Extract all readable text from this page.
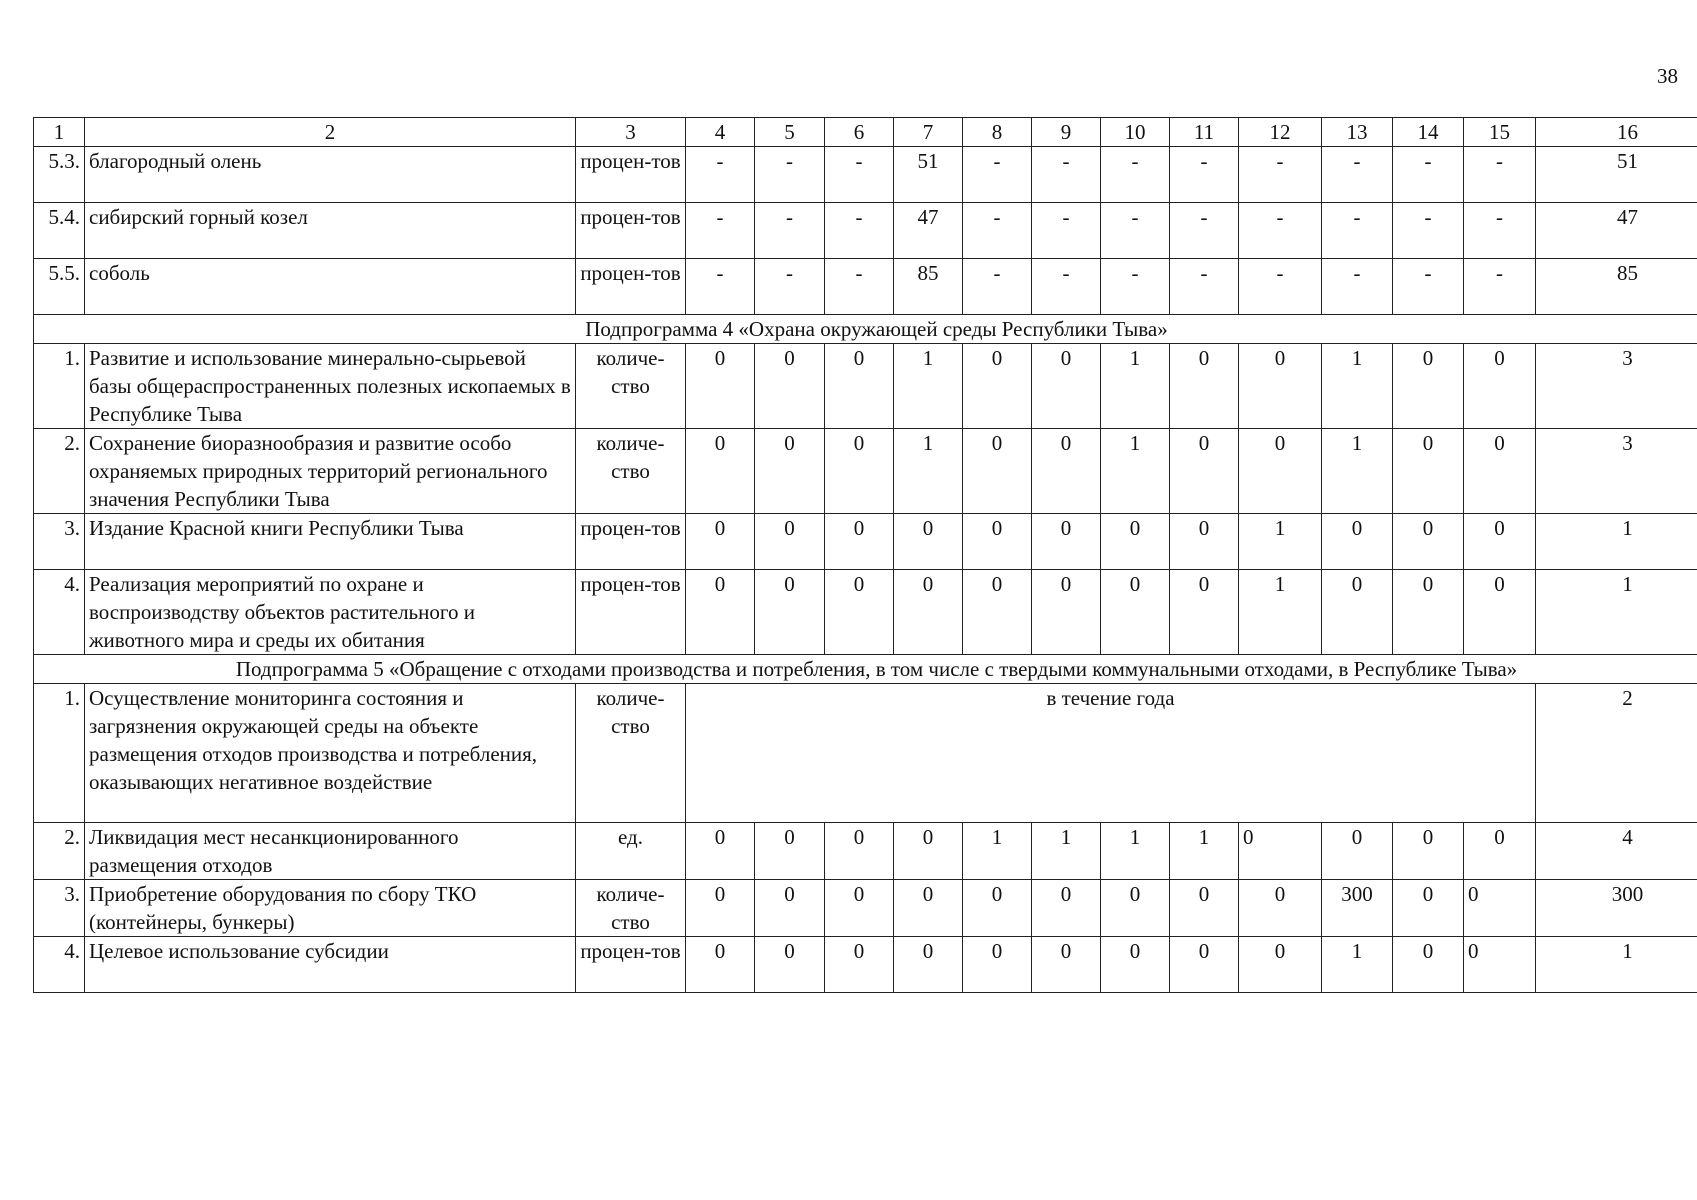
38
1	2	3	4	5	6	7	8	9	10	11	12	13	14	15	16
5.3.	благородный олень	процен-тов	-	-	-	51	-	-	-	-	-	-	-	-	51
5.4.	сибирский горный козел	процен-тов	-	-	-	47	-	-	-	-	-	-	-	-	47
5.5.	соболь	процен-тов	-	-	-	85	-	-	-	-	-	-	-	-	85
Подпрограмма 4 «Охрана окружающей среды Республики Тыва»															
1.	Развитие и использование минерально-сырьевой базы общераспространенных полезных ископаемых в Республике Тыва	количе-ство	0	0	0	1	0	0	1	0	0	1	0	0	3
2.	Сохранение биоразнообразия и развитие особо охраняемых природных территорий регионального значения Республики Тыва	количе-ство	0	0	0	1	0	0	1	0	0	1	0	0	3
3.	Издание Красной книги Республики Тыва	процен-тов	0	0	0	0	0	0	0	0	1	0	0	0	1
4.	Реализация мероприятий по охране и воспроизводству объектов растительного и животного мира и среды их обитания	процен-тов	0	0	0	0	0	0	0	0	1	0	0	0	1
Подпрограмма 5 «Обращение с отходами производства и потребления, в том числе с твердыми коммунальными отходами, в Республике Тыва»															
1.	Осуществление мониторинга состояния и загрязнения окружающей среды на объекте размещения отходов производства и потребления, оказывающих негативное воздействие	количе-ство	в течение года												2
2.	Ликвидация мест несанкционированного размещения отходов	ед.	0	0	0	0	1	1	1	1	0	0	0	0	4
3.	Приобретение оборудования по сбору ТКО (контейнеры, бункеры)	количе-ство	0	0	0	0	0	0	0	0	0	300	0	0	300
4.	Целевое использование субсидии	процен-тов	0	0	0	0	0	0	0	0	0	1	0	0	1
